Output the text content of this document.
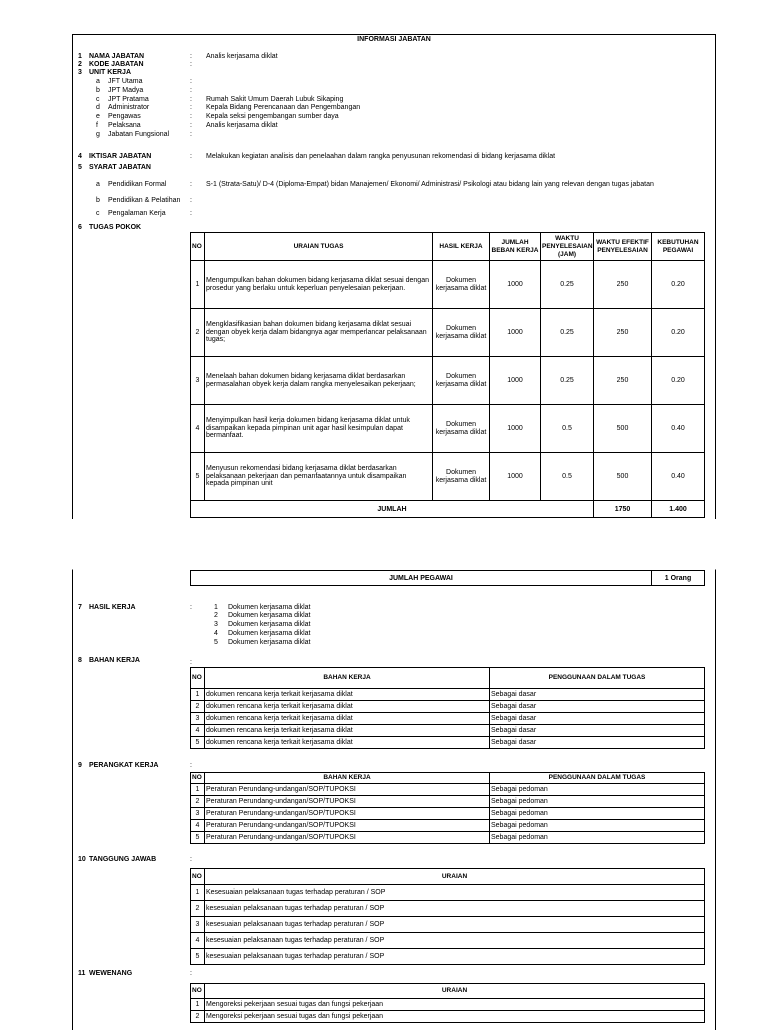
INFORMASI JABATAN
1 NAMA JABATAN	: Analis kerjasama diklat
2 KODE JABATAN	:
3 UNIT KERJA
a JFT Utama	:
b JPT Madya	:
c JPT Pratama	: Rumah Sakit Umum Daerah Lubuk Sikaping
d Administrator	: Kepala Bidang Perencanaan dan Pengembangan
e Pengawas	: Kepala seksi pengembangan sumber daya
f Pelaksana	: Analis kerjasama diklat
g Jabatan Fungsional	:
4 IKTISAR JABATAN	: Melakukan kegiatan analisis dan penelaahan dalam rangka penyusunan rekomendasi di bidang kerjasama diklat
5 SYARAT JABATAN
a Pendidikan Formal	: S-1 (Strata-Satu)/ D-4 (Diploma-Empat) bidan Manajemen/ Ekonomi/ Administrasi/ Psikologi atau bidang lain yang relevan dengan tugas jabatan
b Pendidikan & Pelatihan :
c Pengalaman Kerja	:
6 TUGAS POKOK
NO	URAIAN TUGAS	HASIL KERJA	JUMLAH BEBAN KERJA	WAKTU PENYELESAIAN (JAM)	WAKTU EFEKTIF PENYELESAIAN	KEBUTUHAN PEGAWAI
1	Mengumpulkan bahan dokumen bidang kerjasama diklat sesuai dengan prosedur yang berlaku untuk keperluan penyelesaian pekerjaan.	Dokumen kerjasama diklat	1000	0.25	250	0.20
2	Mengklasifikasian bahan dokumen bidang kerjasama diklat sesuai dengan obyek kerja dalam bidangnya agar memperlancar pelaksanaan tugas;	Dokumen kerjasama diklat	1000	0.25	250	0.20
3	Menelaah bahan dokumen bidang kerjasama diklat berdasarkan permasalahan obyek kerja dalam rangka menyelesaikan pekerjaan;	Dokumen kerjasama diklat	1000	0.25	250	0.20
4	Menyimpulkan hasil kerja dokumen bidang kerjasama diklat untuk disampaikan kepada pimpinan unit agar hasil kesimpulan dapat bermanfaat.	Dokumen kerjasama diklat	1000	0.5	500	0.40
5	Menyusun rekomendasi bidang kerjasama diklat berdasarkan pelaksanaan pekerjaan dan pemanfaatannya untuk disampaikan kepada pimpinan unit	Dokumen kerjasama diklat	1000	0.5	500	0.40
JUMLAH					1750	1.400
JUMLAH PEGAWAI	1 Orang
7 HASIL KERJA	:	1 Dokumen kerjasama diklat
2 Dokumen kerjasama diklat
3 Dokumen kerjasama diklat
4 Dokumen kerjasama diklat
5 Dokumen kerjasama diklat
8 BAHAN KERJA	:
NO	BAHAN KERJA	PENGGUNAAN DALAM TUGAS
1	dokumen rencana kerja terkait kerjasama diklat	Sebagai dasar
2	dokumen rencana kerja terkait kerjasama diklat	Sebagai dasar
3	dokumen rencana kerja terkait kerjasama diklat	Sebagai dasar
4	dokumen rencana kerja terkait kerjasama diklat	Sebagai dasar
5	dokumen rencana kerja terkait kerjasama diklat	Sebagai dasar
9 PERANGKAT KERJA	:
NO	BAHAN KERJA	PENGGUNAAN DALAM TUGAS
1	Peraturan Perundang-undangan/SOP/TUPOKSI	Sebagai pedoman
2	Peraturan Perundang-undangan/SOP/TUPOKSI	Sebagai pedoman
3	Peraturan Perundang-undangan/SOP/TUPOKSI	Sebagai pedoman
4	Peraturan Perundang-undangan/SOP/TUPOKSI	Sebagai pedoman
5	Peraturan Perundang-undangan/SOP/TUPOKSI	Sebagai pedoman
10 TANGGUNG JAWAB	:
NO	URAIAN
1	Kesesuaian pelaksanaan tugas terhadap peraturan / SOP
2	kesesuaian pelaksanaan tugas terhadap peraturan / SOP
3	kesesuaian pelaksanaan tugas terhadap peraturan / SOP
4	kesesuaian pelaksanaan tugas terhadap peraturan / SOP
5	kesesuaian pelaksanaan tugas terhadap peraturan / SOP
11 WEWENANG	:
NO	URAIAN
1	Mengoreksi pekerjaan sesuai tugas dan fungsi pekerjaan
2	Mengoreksi pekerjaan sesuai tugas dan fungsi pekerjaan
